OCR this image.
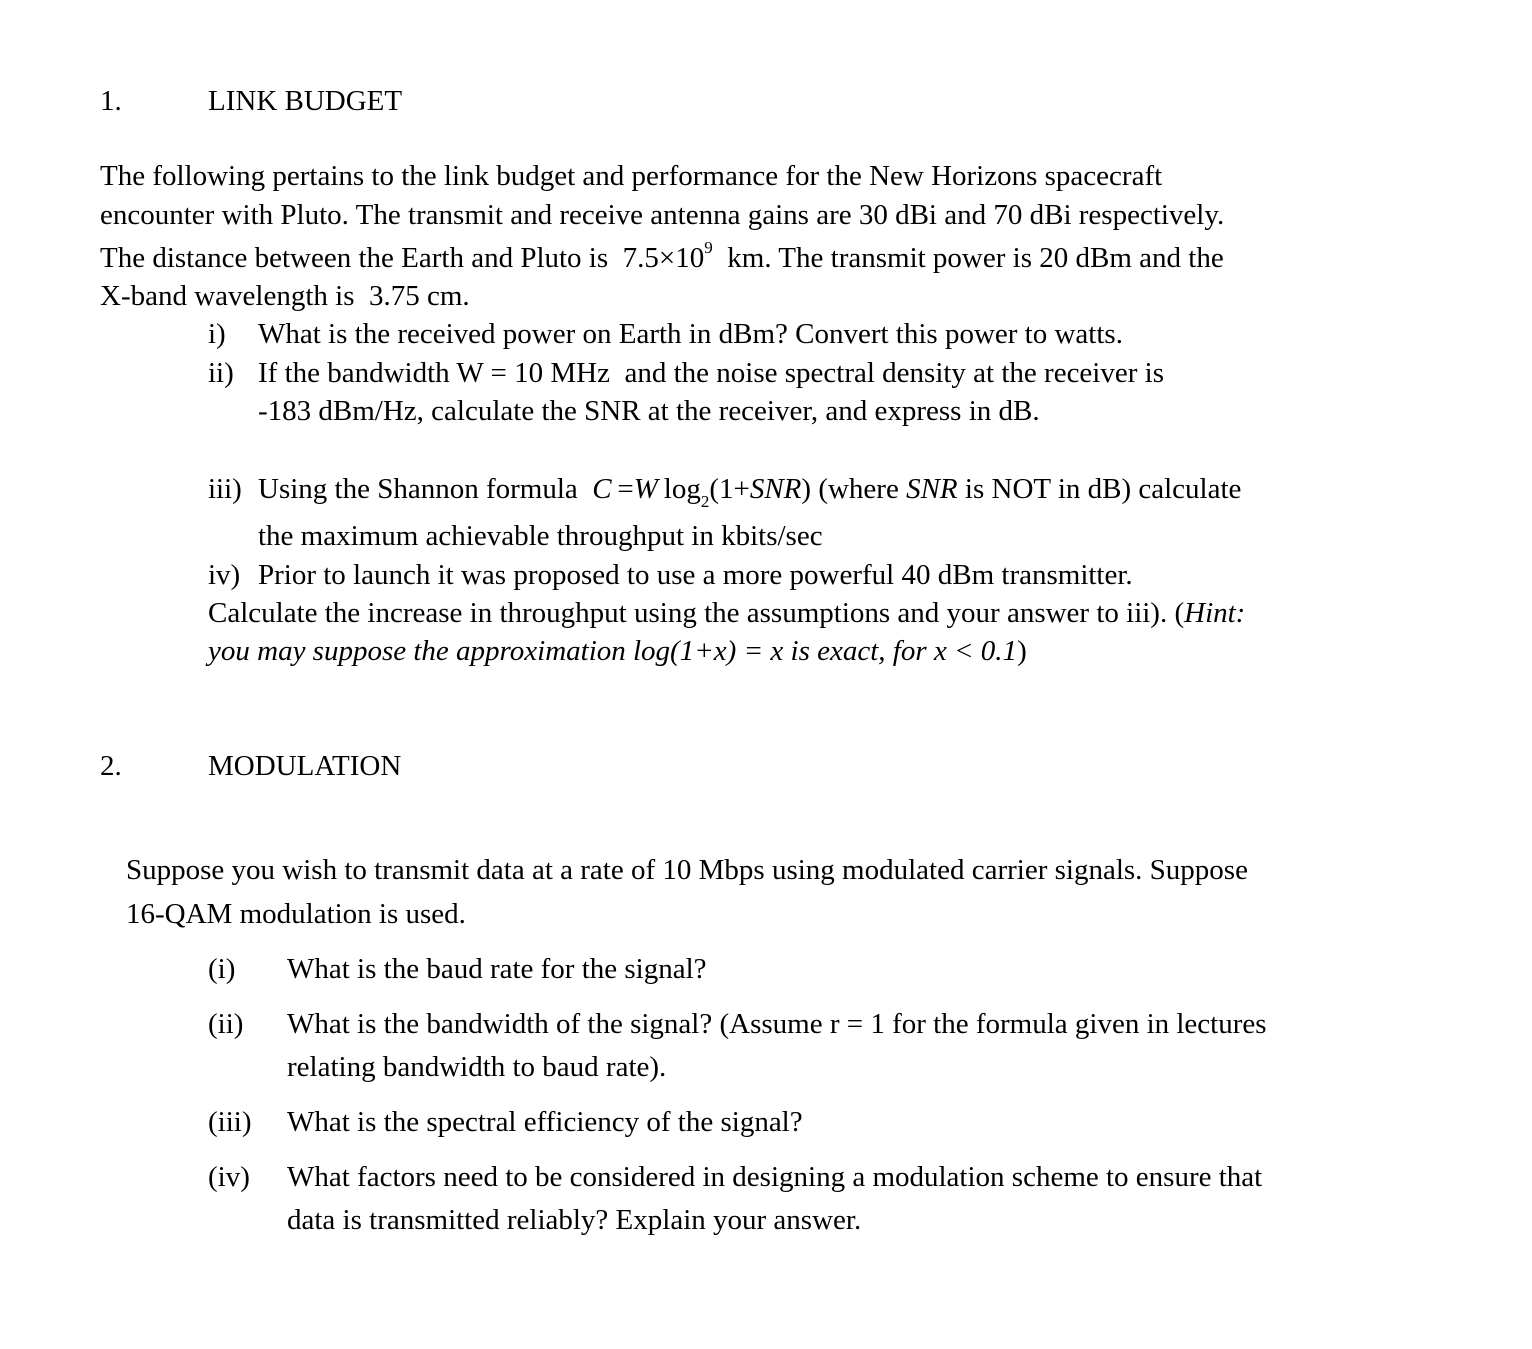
1.	LINK BUDGET
The following pertains to the link budget and performance for the New Horizons spacecraft
encounter with Pluto. The transmit and receive antenna gains are 30 dBi and 70 dBi respectively.
The distance between the Earth and Pluto is $7.5\times 10^9$ km. The transmit power is 20 dBm and the
X-band wavelength is 3.75 cm.
i) What is the received power on Earth in dBm? Convert this power to watts.
ii) If the bandwidth W = 10 MHz and the noise spectral density at the receiver is
-183 dBm/Hz, calculate the SNR at the receiver, and express in dB.
iii) Using the Shannon formula C  =W  $\log_2(1+SNR)$ (where SNR is NOT in dB) calculate
the maximum achievable throughput in kbits/sec
iv) Prior to launch it was proposed to use a more powerful 40 dBm transmitter.
Calculate the increase in throughput using the assumptions and your answer to iii). (Hint:
you may suppose the approximation log(1+x) = x is exact, for x < 0.1)
2.	MODULATION
Suppose you wish to transmit data at a rate of 10 Mbps using modulated carrier signals. Suppose
16-QAM modulation is used.
(i) What is the baud rate for the signal?
(ii) What is the bandwidth of the signal? (Assume r = 1 for the formula given in lectures
relating bandwidth to baud rate).
(iii) What is the spectral efficiency of the signal?
(iv) What factors need to be considered in designing a modulation scheme to ensure that
data is transmitted reliably? Explain your answer.
